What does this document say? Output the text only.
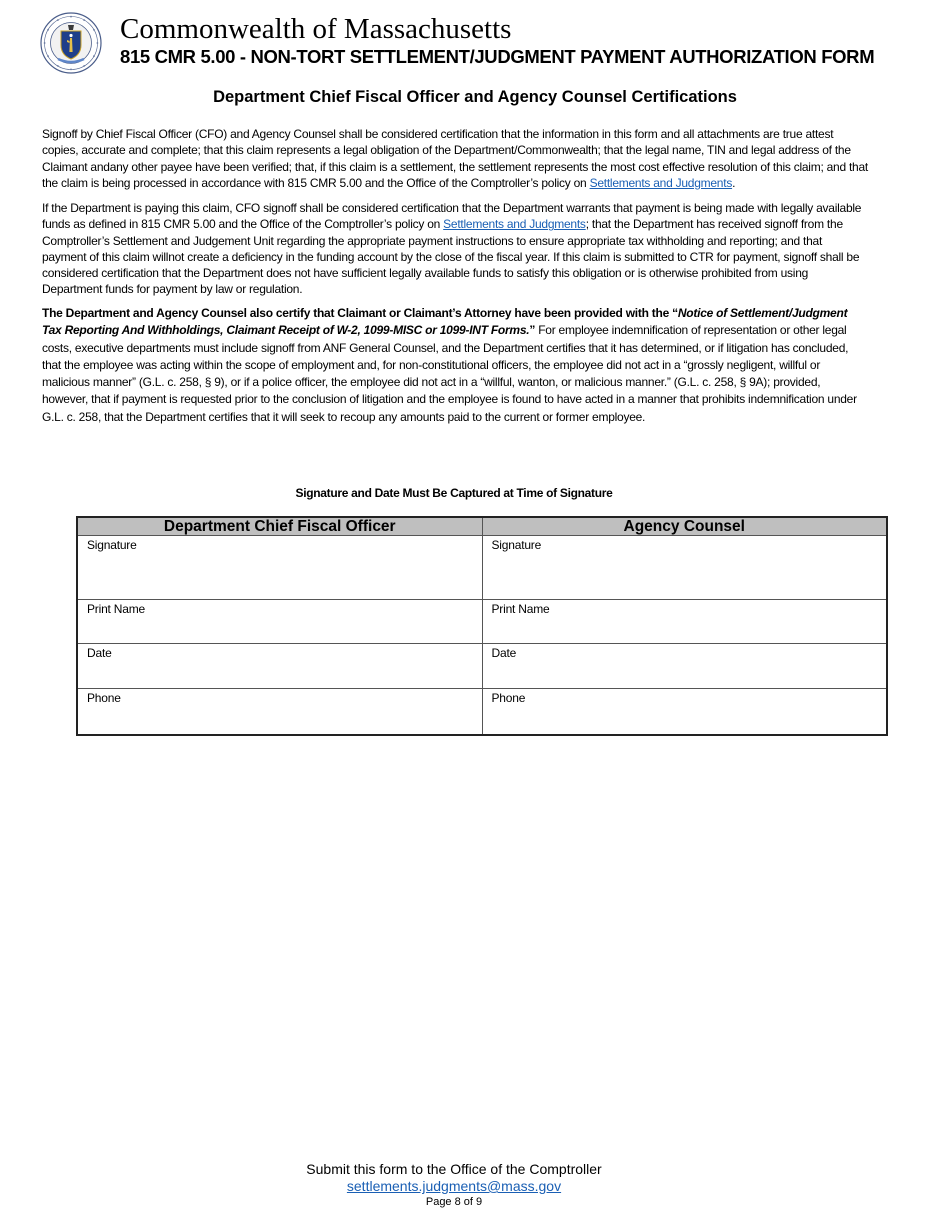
Commonwealth of Massachusetts
815 CMR 5.00 - NON-TORT SETTLEMENT/JUDGMENT PAYMENT AUTHORIZATION FORM
Department Chief Fiscal Officer and Agency Counsel Certifications

Signoff by Chief Fiscal Officer (CFO) and Agency Counsel shall be considered certification that the information in this form and all attachments are true attest copies, accurate and complete; that this claim represents a legal obligation of the Department/Commonwealth; that the legal name, TIN and legal address of the Claimant andany other payee have been verified; that, if this claim is a settlement, the settlement represents the most cost effective resolution of this claim; and that the claim is being processed in accordance with 815 CMR 5.00 and the Office of the Comptroller’s policy on Settlements and Judgments.

If the Department is paying this claim, CFO signoff shall be considered certification that the Department warrants that payment is being made with legally available funds as defined in 815 CMR 5.00 and the Office of the Comptroller’s policy on Settlements and Judgments; that the Department has received signoff from the Comptroller’s Settlement and Judgement Unit regarding the appropriate payment instructions to ensure appropriate tax withholding and reporting; and that payment of this claim willnot create a deficiency in the funding account by the close of the fiscal year. If this claim is submitted to CTR for payment, signoff shall be considered certification that the Department does not have sufficient legally available funds to satisfy this obligation or is otherwise prohibited from using Department funds for payment by law or regulation.

The Department and Agency Counsel also certify that Claimant or Claimant’s Attorney have been provided with the “Notice of Settlement/Judgment Tax Reporting And Withholdings, Claimant Receipt of W-2, 1099-MISC or 1099-INT Forms.” For employee indemnification of representation or other legal costs, executive departments must include signoff from ANF General Counsel, and the Department certifies that it has determined, or if litigation has concluded, that the employee was acting within the scope of employment and, for non-constitutional officers, the employee did not act in a “grossly negligent, willful or malicious manner” (G.L. c. 258, § 9), or if a police officer, the employee did not act in a “willful, wanton, or malicious manner.” (G.L. c. 258, § 9A); provided, however, that if payment is requested prior to the conclusion of litigation and the employee is found to have acted in a manner that prohibits indemnification under G.L. c. 258, that the Department certifies that it will seek to recoup any amounts paid to the current or former employee.

Signature and Date Must Be Captured at Time of Signature
Department Chief Fiscal Officer	Agency Counsel
Signature	Signature
Print Name	Print Name
Date	Date
Phone	Phone
Submit this form to the Office of the Comptroller
settlements.judgments@mass.gov
Page 8 of 9
